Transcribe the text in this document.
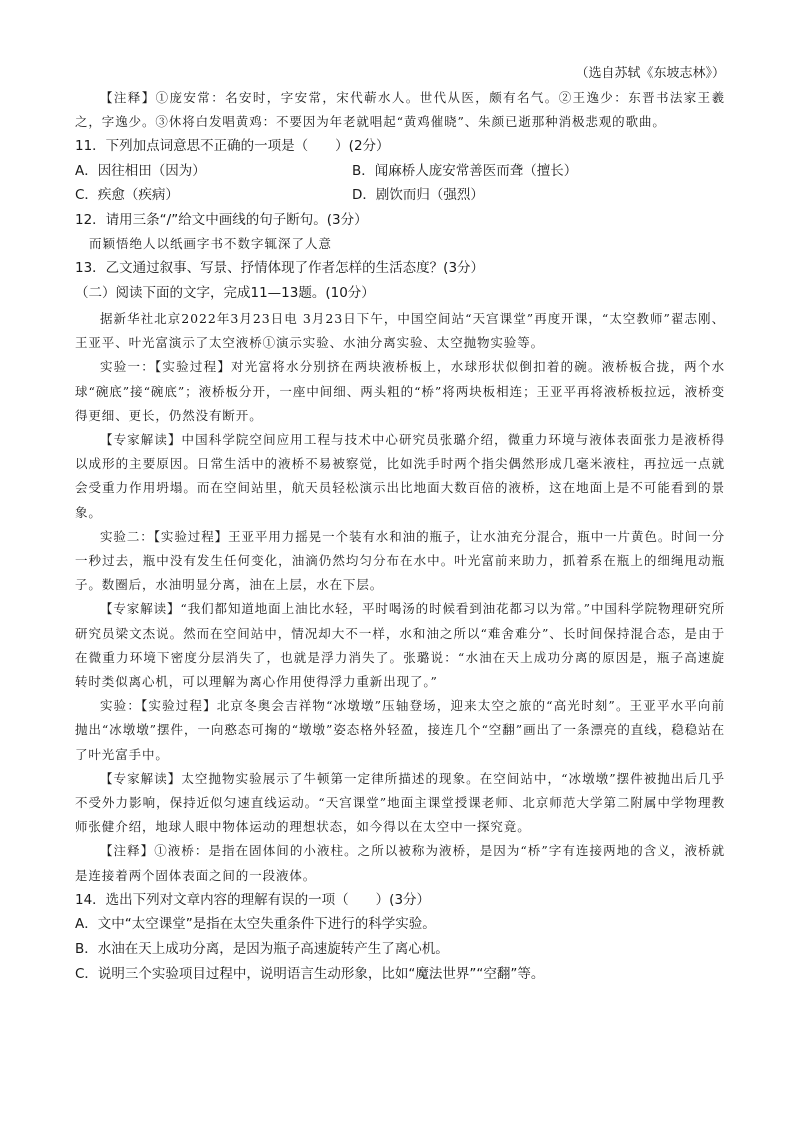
（选自苏轼《东坡志林》）

【注释】①庞安常：名安时，字安常，宋代蕲水人。世代从医，颇有名气。②王逸少：东晋书法家王羲之，字逸少。③休将白发唱黄鸡：不要因为年老就唱起“黄鸡催晓”、朱颜已逝那种消极悲观的歌曲。

11．下列加点词意思不正确的一项是（　　）(2分）

A．因往相田（因为）	B．闻麻桥人庞安常善医而聋（擅长）

C．疾愈（疾病）	D．剧饮而归（强烈）

12．请用三条“/”给文中画线的句子断句。(3分）

而颖悟绝人以纸画字书不数字辄深了人意

13．乙文通过叙事、写景、抒情体现了作者怎样的生活态度？(3分）

（二）阅读下面的文字，完成11—13题。(10分）

据新华社北京2022年3月23日电 3月23日下午，中国空间站“天宫课堂”再度开课，“太空教师”翟志刚、王亚平、叶光富演示了太空液桥①演示实验、水油分离实验、太空抛物实验等。

实验一：【实验过程】对光富将水分别挤在两块液桥板上，水球形状似倒扣着的碗。液桥板合拢，两个水球“碗底”接“碗底”；液桥板分开，一座中间细、两头粗的“桥”将两块板相连；王亚平再将液桥板拉远，液桥变得更细、更长，仍然没有断开。

【专家解读】中国科学院空间应用工程与技术中心研究员张璐介绍，微重力环境与液体表面张力是液桥得以成形的主要原因。日常生活中的液桥不易被察觉，比如洗手时两个指尖偶然形成几毫米液柱，再拉远一点就会受重力作用坍塌。而在空间站里，航天员轻松演示出比地面大数百倍的液桥，这在地面上是不可能看到的景象。

实验二：【实验过程】王亚平用力摇晃一个装有水和油的瓶子，让水油充分混合，瓶中一片黄色。时间一分一秒过去，瓶中没有发生任何变化，油滴仍然均匀分布在水中。叶光富前来助力，抓着系在瓶上的细绳甩动瓶子。数圈后，水油明显分离，油在上层，水在下层。

【专家解读】“我们都知道地面上油比水轻，平时喝汤的时候看到油花都习以为常。”中国科学院物理研究所研究员梁文杰说。然而在空间站中，情况却大不一样，水和油之所以“难舍难分”、长时间保持混合态，是由于在微重力环境下密度分层消失了，也就是浮力消失了。张璐说：“水油在天上成功分离的原因是，瓶子高速旋转时类似离心机，可以理解为离心作用使得浮力重新出现了。”

实验：【实验过程】北京冬奥会吉祥物“冰墩墩”压轴登场，迎来太空之旅的“高光时刻”。王亚平水平向前抛出“冰墩墩”摆件，一向憨态可掬的“墩墩”姿态格外轻盈，接连几个“空翻”画出了一条漂亮的直线，稳稳站在了叶光富手中。

【专家解读】太空抛物实验展示了牛顿第一定律所描述的现象。在空间站中，“冰墩墩”摆件被抛出后几乎不受外力影响，保持近似匀速直线运动。“天宫课堂”地面主课堂授课老师、北京师范大学第二附属中学物理教师张健介绍，地球人眼中物体运动的理想状态，如今得以在太空中一探究竟。

【注释】①液桥：是指在固体间的小液柱。之所以被称为液桥，是因为“桥”字有连接两地的含义，液桥就是连接着两个固体表面之间的一段液体。

14．选出下列对文章内容的理解有误的一项（　　）(3分）

A．文中“太空课堂”是指在太空失重条件下进行的科学实验。

B．水油在天上成功分离，是因为瓶子高速旋转产生了离心机。

C．说明三个实验项目过程中，说明语言生动形象，比如“魔法世界”“空翻”等。
